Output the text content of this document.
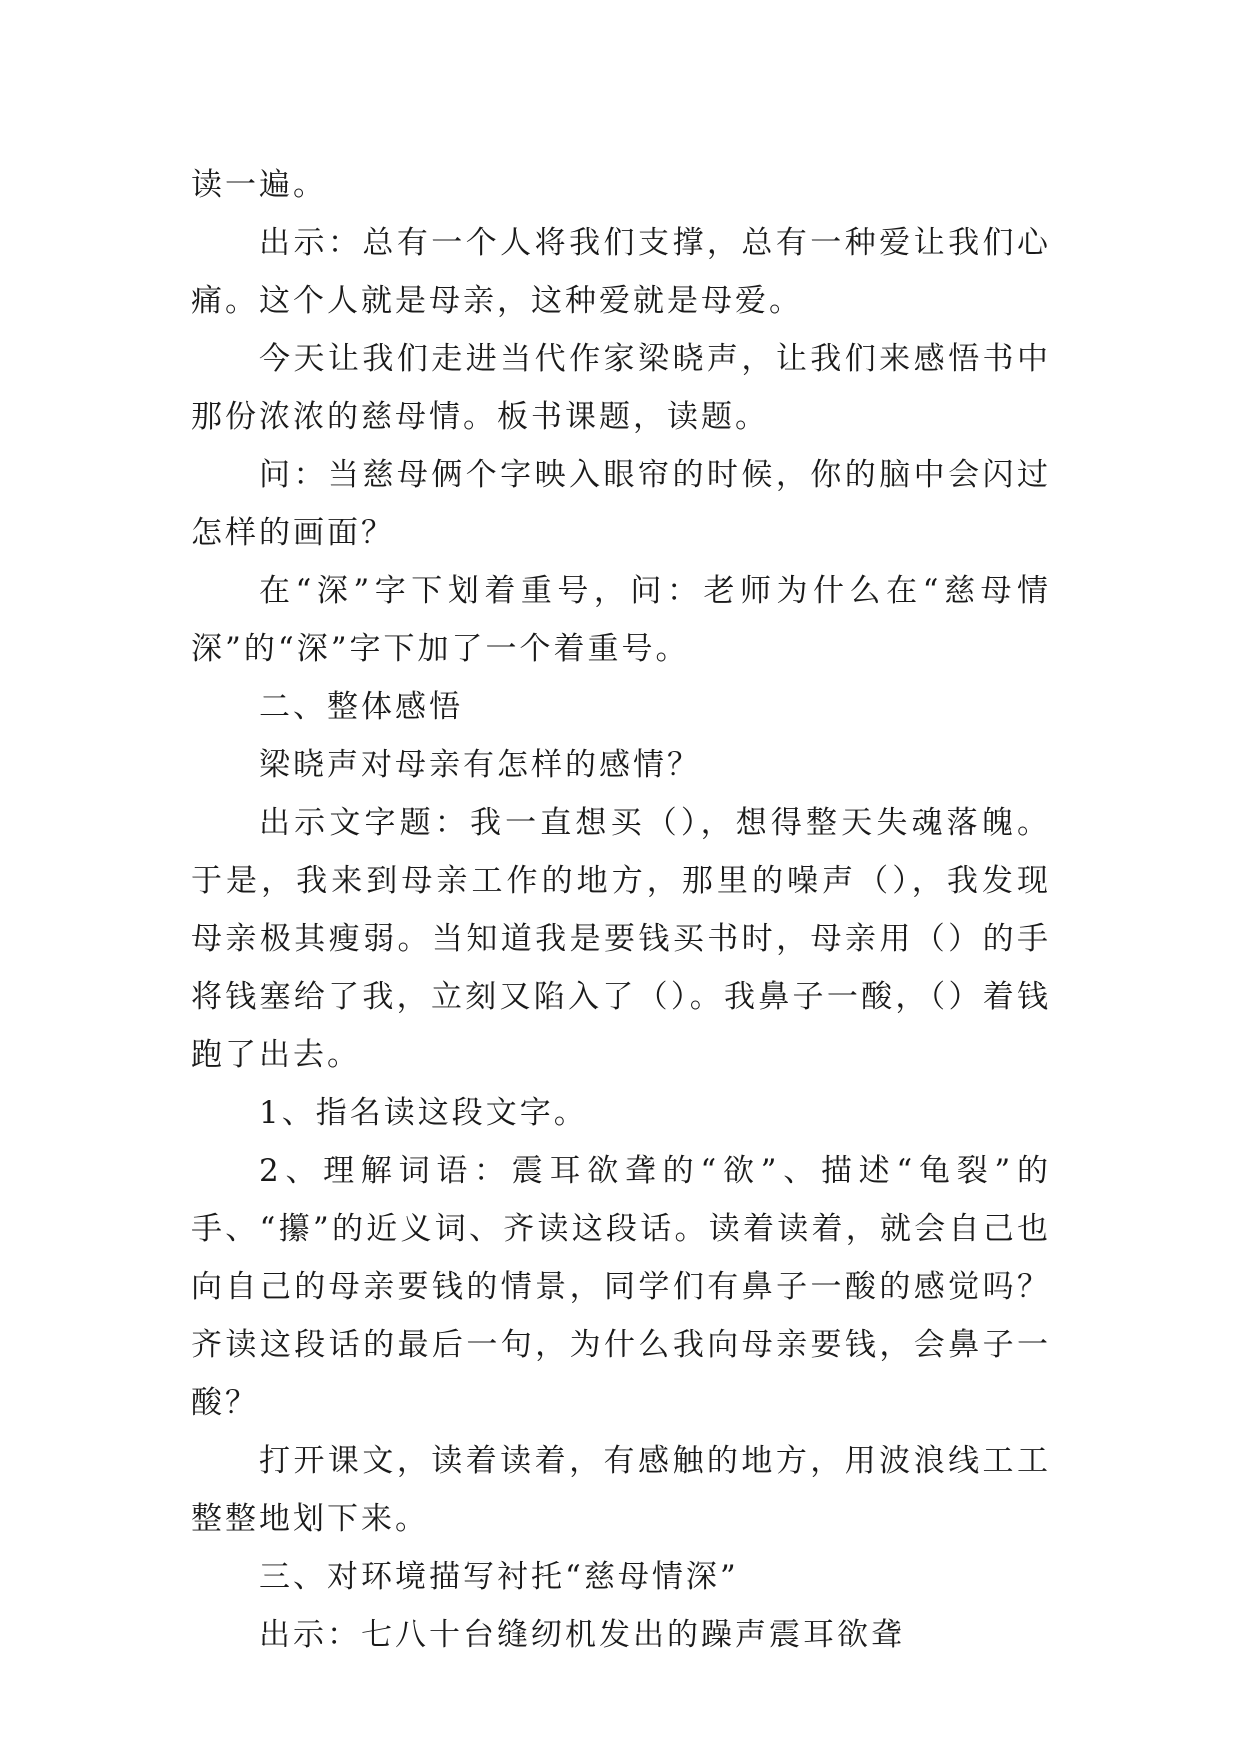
读一遍。

出示：总有一个人将我们支撑，总有一种爱让我们心痛。这个人就是母亲，这种爱就是母爱。

今天让我们走进当代作家梁晓声，让我们来感悟书中那份浓浓的慈母情。板书课题，读题。

问：当慈母俩个字映入眼帘的时候，你的脑中会闪过怎样的画面？

在“深”字下划着重号，问：老师为什么在“慈母情深”的“深”字下加了一个着重号。

二、整体感悟

梁晓声对母亲有怎样的感情？

出示文字题：我一直想买（），想得整天失魂落魄。于是，我来到母亲工作的地方，那里的噪声（），我发现母亲极其瘦弱。当知道我是要钱买书时，母亲用（）的手将钱塞给了我，立刻又陷入了（）。我鼻子一酸，（）着钱跑了出去。

1、指名读这段文字。

2、理解词语：震耳欲聋的“欲”、描述“龟裂”的手、“攥”的近义词、齐读这段话。读着读着，就会自己也向自己的母亲要钱的情景，同学们有鼻子一酸的感觉吗？齐读这段话的最后一句，为什么我向母亲要钱，会鼻子一酸？

打开课文，读着读着，有感触的地方，用波浪线工工整整地划下来。

三、对环境描写衬托“慈母情深”

出示：七八十台缝纫机发出的躁声震耳欲聋
